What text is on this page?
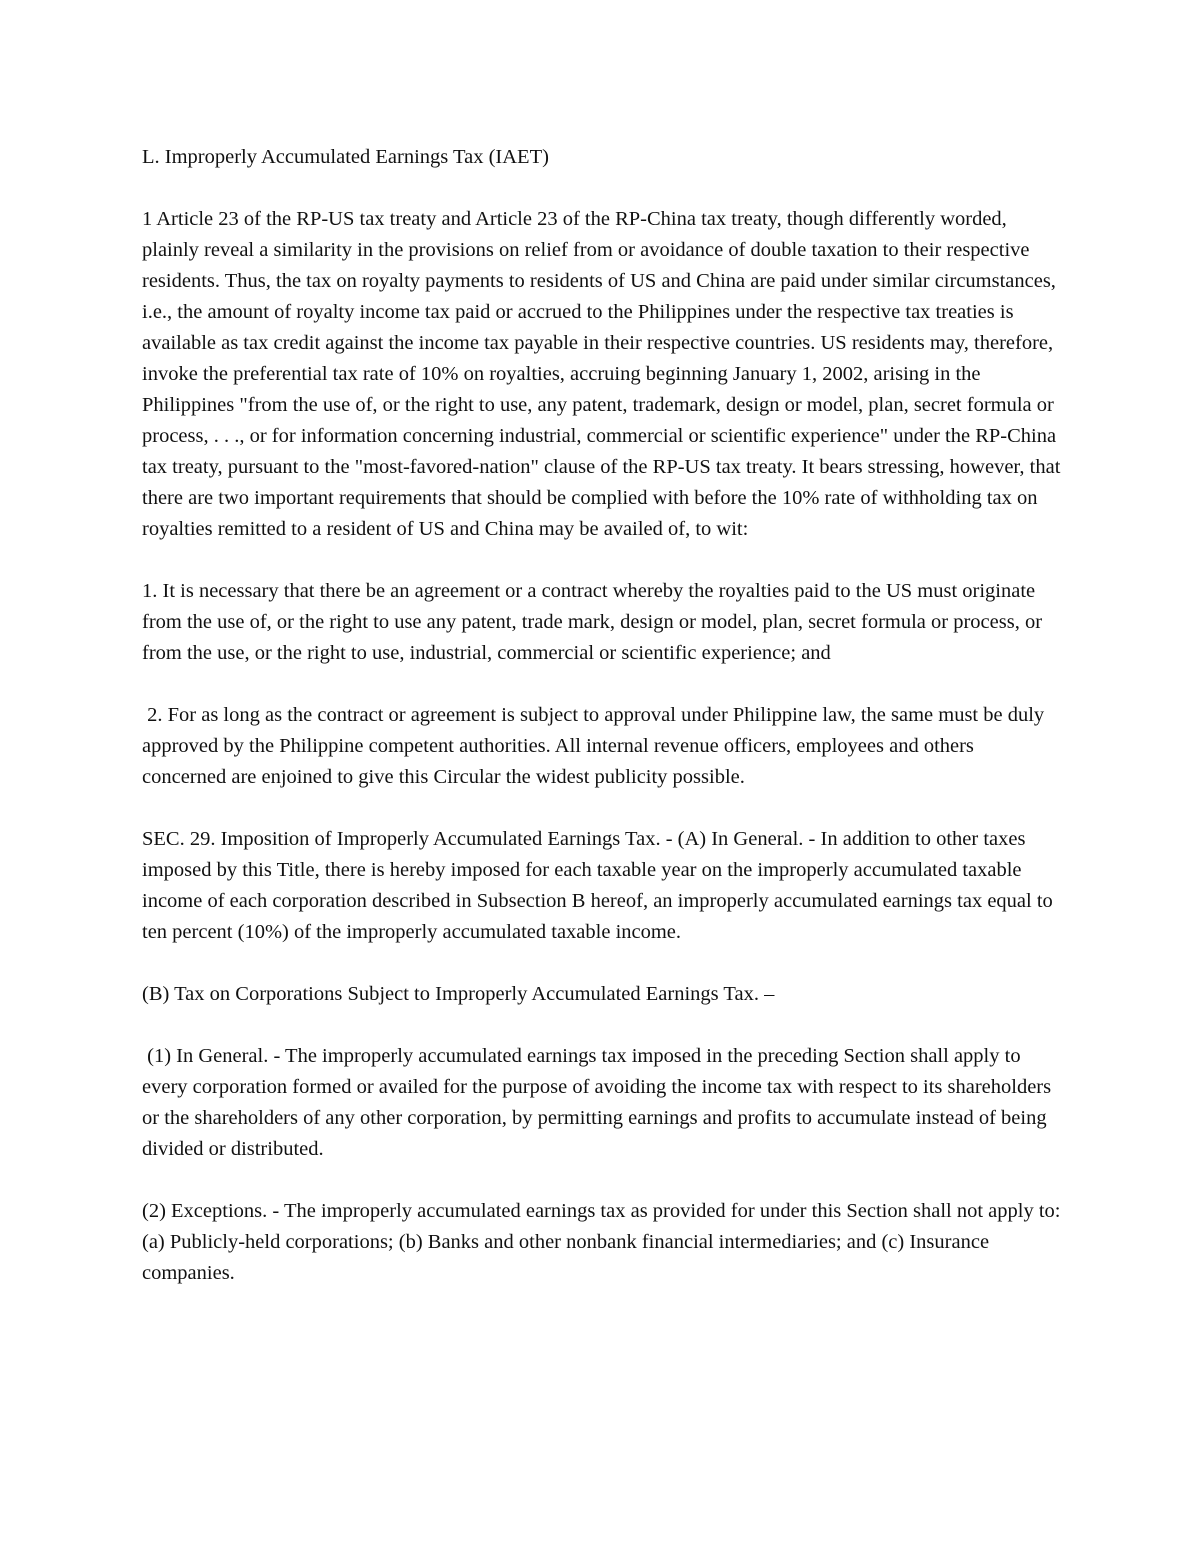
L. Improperly Accumulated Earnings Tax (IAET)

1 Article 23 of the RP-US tax treaty and Article 23 of the RP-China tax treaty, though differently worded, plainly reveal a similarity in the provisions on relief from or avoidance of double taxation to their respective residents. Thus, the tax on royalty payments to residents of US and China are paid under similar circumstances, i.e., the amount of royalty income tax paid or accrued to the Philippines under the respective tax treaties is available as tax credit against the income tax payable in their respective countries. US residents may, therefore, invoke the preferential tax rate of 10% on royalties, accruing beginning January 1, 2002, arising in the Philippines "from the use of, or the right to use, any patent, trademark, design or model, plan, secret formula or process, . . ., or for information concerning industrial, commercial or scientific experience" under the RP-China tax treaty, pursuant to the "most-favored-nation" clause of the RP-US tax treaty. It bears stressing, however, that there are two important requirements that should be complied with before the 10% rate of withholding tax on royalties remitted to a resident of US and China may be availed of, to wit:

1. It is necessary that there be an agreement or a contract whereby the royalties paid to the US must originate from the use of, or the right to use any patent, trade mark, design or model, plan, secret formula or process, or from the use, or the right to use, industrial, commercial or scientific experience; and

2. For as long as the contract or agreement is subject to approval under Philippine law, the same must be duly approved by the Philippine competent authorities. All internal revenue officers, employees and others concerned are enjoined to give this Circular the widest publicity possible.

SEC. 29. Imposition of Improperly Accumulated Earnings Tax. - (A) In General. - In addition to other taxes imposed by this Title, there is hereby imposed for each taxable year on the improperly accumulated taxable income of each corporation described in Subsection B hereof, an improperly accumulated earnings tax equal to ten percent (10%) of the improperly accumulated taxable income.

(B) Tax on Corporations Subject to Improperly Accumulated Earnings Tax. –

(1) In General. - The improperly accumulated earnings tax imposed in the preceding Section shall apply to every corporation formed or availed for the purpose of avoiding the income tax with respect to its shareholders or the shareholders of any other corporation, by permitting earnings and profits to accumulate instead of being divided or distributed.

(2) Exceptions. - The improperly accumulated earnings tax as provided for under this Section shall not apply to: (a) Publicly-held corporations; (b) Banks and other nonbank financial intermediaries; and (c) Insurance companies.
